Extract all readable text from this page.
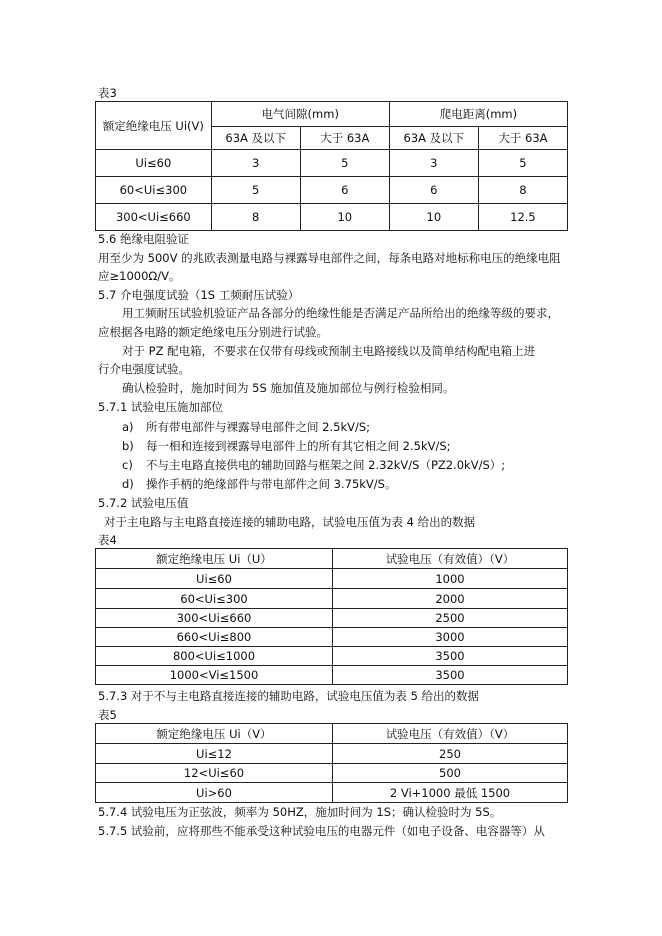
表3
额定绝缘电压 Ui(V)	电气间隙(mm)		爬电距离(mm)	
	63A 及以下	大于 63A	63A 及以下	大于 63A
Ui≤60	3	5	3	5
60<Ui≤300	5	6	6	8
300<Ui≤660	8	10	10	12.5
5.6 绝缘电阻验证
用至少为 500V 的兆欧表测量电路与裸露导电部件之间，每条电路对地标称电压的绝缘电阻
应≥1000Ω/V。
5.7 介电强度试验（1S 工频耐压试验）
用工频耐压试验机验证产品各部分的绝缘性能是否满足产品所给出的绝缘等级的要求，
应根据各电路的额定绝缘电压分别进行试验。
对于 PZ 配电箱，不要求在仅带有母线或预制主电路接线以及简单结构配电箱上进
行介电强度试验。
确认检验时，施加时间为 5S 施加值及施加部位与例行检验相同。
5.7.1 试验电压施加部位
a) 所有带电部件与裸露导电部件之间 2.5kV/S;
b) 每一相和连接到裸露导电部件上的所有其它相之间 2.5kV/S;
c) 不与主电路直接供电的辅助回路与框架之间 2.32kV/S（PZ2.0kV/S）;
d) 操作手柄的绝缘部件与带电部件之间 3.75kV/S。
5.7.2 试验电压值
对于主电路与主电路直接连接的辅助电路，试验电压值为表 4 给出的数据
表4
额定绝缘电压 Ui（U）	试验电压（有效值）（V）
Ui≤60	1000
60<Ui≤300	2000
300<Ui≤660	2500
660<Ui≤800	3000
800<Ui≤1000	3500
1000<Vi≤1500	3500
5.7.3 对于不与主电路直接连接的辅助电路，试验电压值为表 5 给出的数据
表5
额定绝缘电压 Ui（V）	试验电压（有效值）（V）
Ui≤12	250
12<Ui≤60	500
Ui>60	2 Vi+1000 最低 1500
5.7.4 试验电压为正弦波，频率为 50HZ，施加时间为 1S；确认检验时为 5S。
5.7.5 试验前，应将那些不能承受这种试验电压的电器元件（如电子设备、电容器等）从
